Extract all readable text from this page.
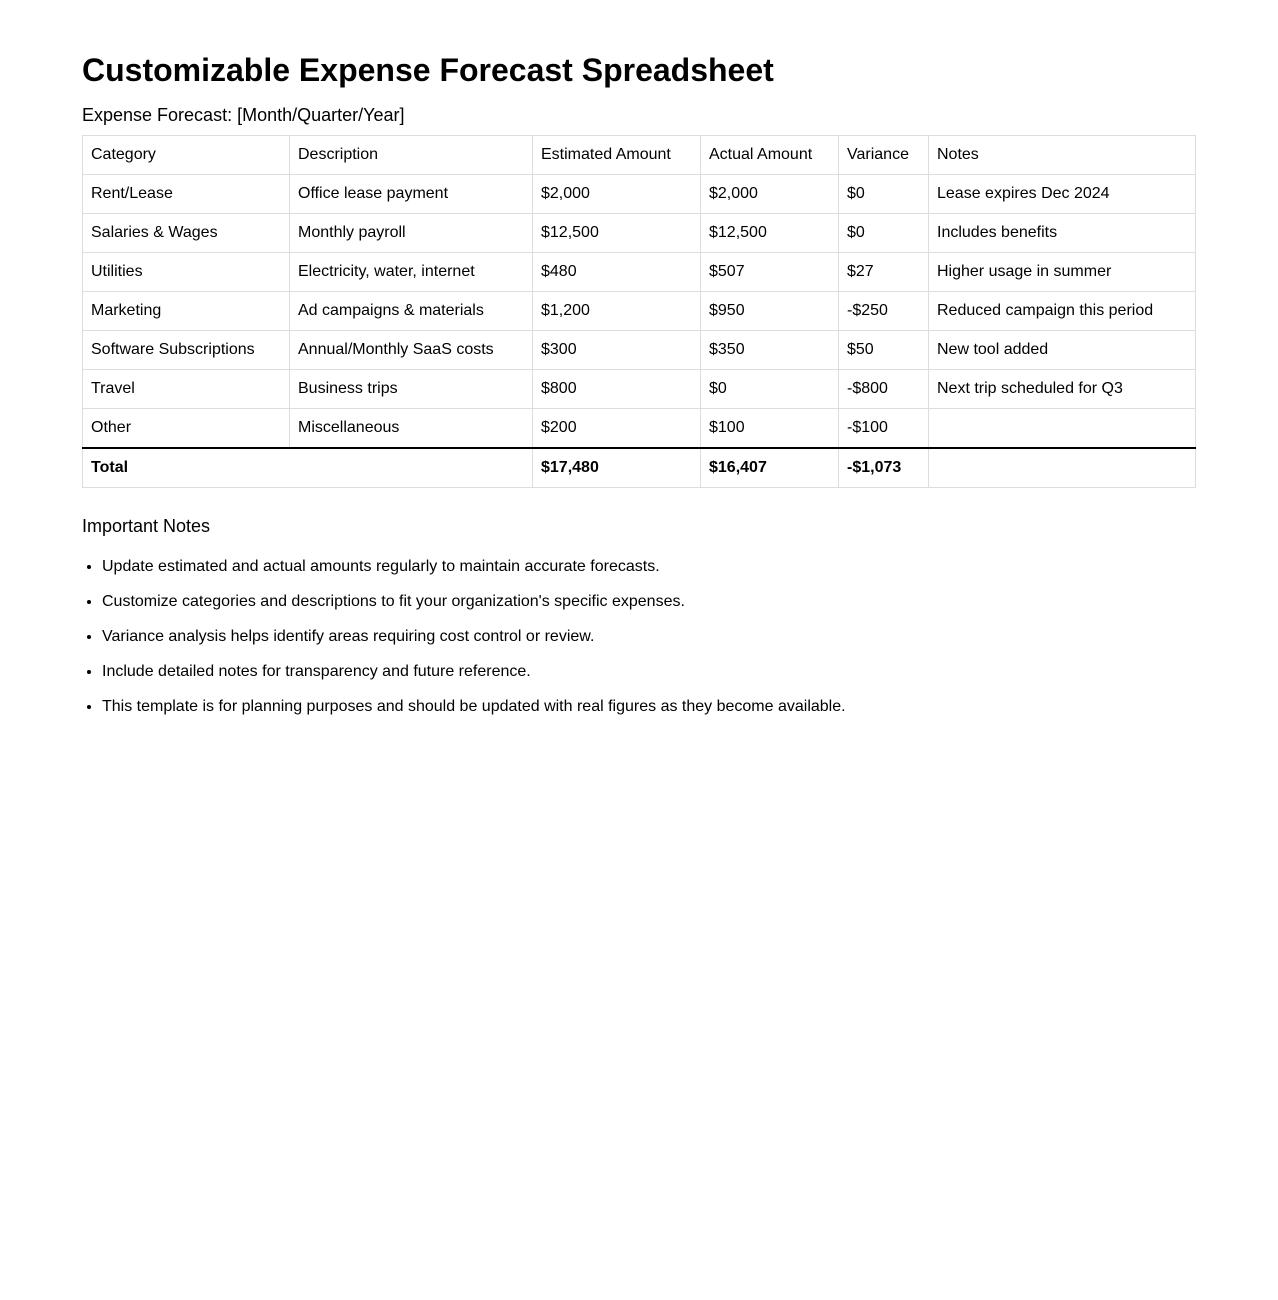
Customizable Expense Forecast Spreadsheet
Expense Forecast: [Month/Quarter/Year]
Category	Description	Estimated Amount	Actual Amount	Variance	Notes
Rent/Lease	Office lease payment	$2,000	$2,000	$0	Lease expires Dec 2024
Salaries & Wages	Monthly payroll	$12,500	$12,500	$0	Includes benefits
Utilities	Electricity, water, internet	$480	$507	$27	Higher usage in summer
Marketing	Ad campaigns & materials	$1,200	$950	-$250	Reduced campaign this period
Software Subscriptions	Annual/Monthly SaaS costs	$300	$350	$50	New tool added
Travel	Business trips	$800	$0	-$800	Next trip scheduled for Q3
Other	Miscellaneous	$200	$100	-$100	
Total		$17,480	$16,407	-$1,073	
Important Notes
• Update estimated and actual amounts regularly to maintain accurate forecasts.
• Customize categories and descriptions to fit your organization's specific expenses.
• Variance analysis helps identify areas requiring cost control or review.
• Include detailed notes for transparency and future reference.
• This template is for planning purposes and should be updated with real figures as they become available.
